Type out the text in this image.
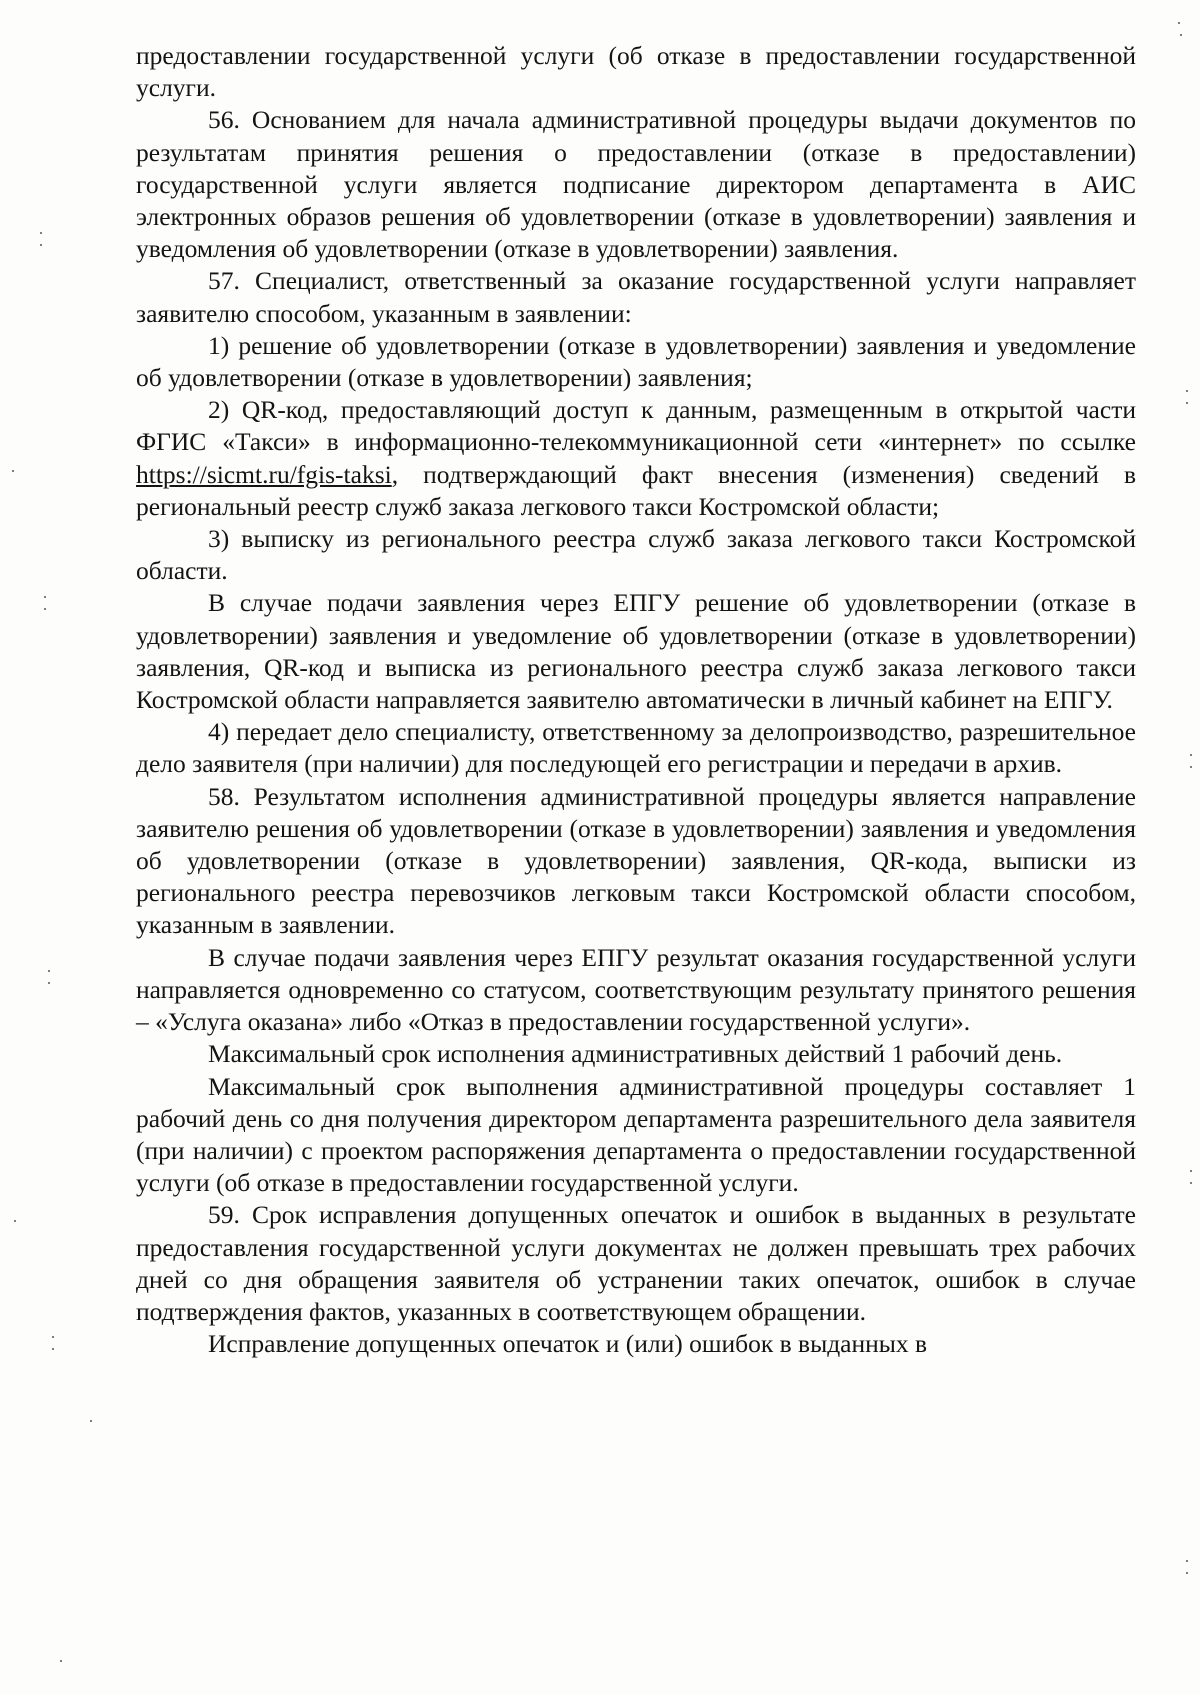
предоставлении государственной услуги (об отказе в предоставлении государственной услуги.

56. Основанием для начала административной процедуры выдачи документов по результатам принятия решения о предоставлении (отказе в предоставлении) государственной услуги является подписание директором департамента в АИС электронных образов решения об удовлетворении (отказе в удовлетворении) заявления и уведомления об удовлетворении (отказе в удовлетворении) заявления.

57. Специалист, ответственный за оказание государственной услуги направляет заявителю способом, указанным в заявлении:

1) решение об удовлетворении (отказе в удовлетворении) заявления и уведомление об удовлетворении (отказе в удовлетворении) заявления;

2) QR-код, предоставляющий доступ к данным, размещенным в открытой части ФГИС «Такси» в информационно-телекоммуникационной сети «интернет» по ссылке https://sicmt.ru/fgis-taksi, подтверждающий факт внесения (изменения) сведений в региональный реестр служб заказа легкового такси Костромской области;

3) выписку из регионального реестра служб заказа легкового такси Костромской области.

В случае подачи заявления через ЕПГУ решение об удовлетворении (отказе в удовлетворении) заявления и уведомление об удовлетворении (отказе в удовлетворении) заявления, QR-код и выписка из регионального реестра служб заказа легкового такси Костромской области направляется заявителю автоматически в личный кабинет на ЕПГУ.

4) передает дело специалисту, ответственному за делопроизводство, разрешительное дело заявителя (при наличии) для последующей его регистрации и передачи в архив.

58. Результатом исполнения административной процедуры является направление заявителю решения об удовлетворении (отказе в удовлетворении) заявления и уведомления об удовлетворении (отказе в удовлетворении) заявления, QR-кода, выписки из регионального реестра перевозчиков легковым такси Костромской области способом, указанным в заявлении.

В случае подачи заявления через ЕПГУ результат оказания государственной услуги направляется одновременно со статусом, соответствующим результату принятого решения – «Услуга оказана» либо «Отказ в предоставлении государственной услуги».

Максимальный срок исполнения административных действий 1 рабочий день.

Максимальный срок выполнения административной процедуры составляет 1 рабочий день со дня получения директором департамента разрешительного дела заявителя (при наличии) с проектом распоряжения департамента о предоставлении государственной услуги (об отказе в предоставлении государственной услуги.

59. Срок исправления допущенных опечаток и ошибок в выданных в результате предоставления государственной услуги документах не должен превышать трех рабочих дней со дня обращения заявителя об устранении таких опечаток, ошибок в случае подтверждения фактов, указанных в соответствующем обращении.

Исправление допущенных опечаток и (или) ошибок в выданных в
